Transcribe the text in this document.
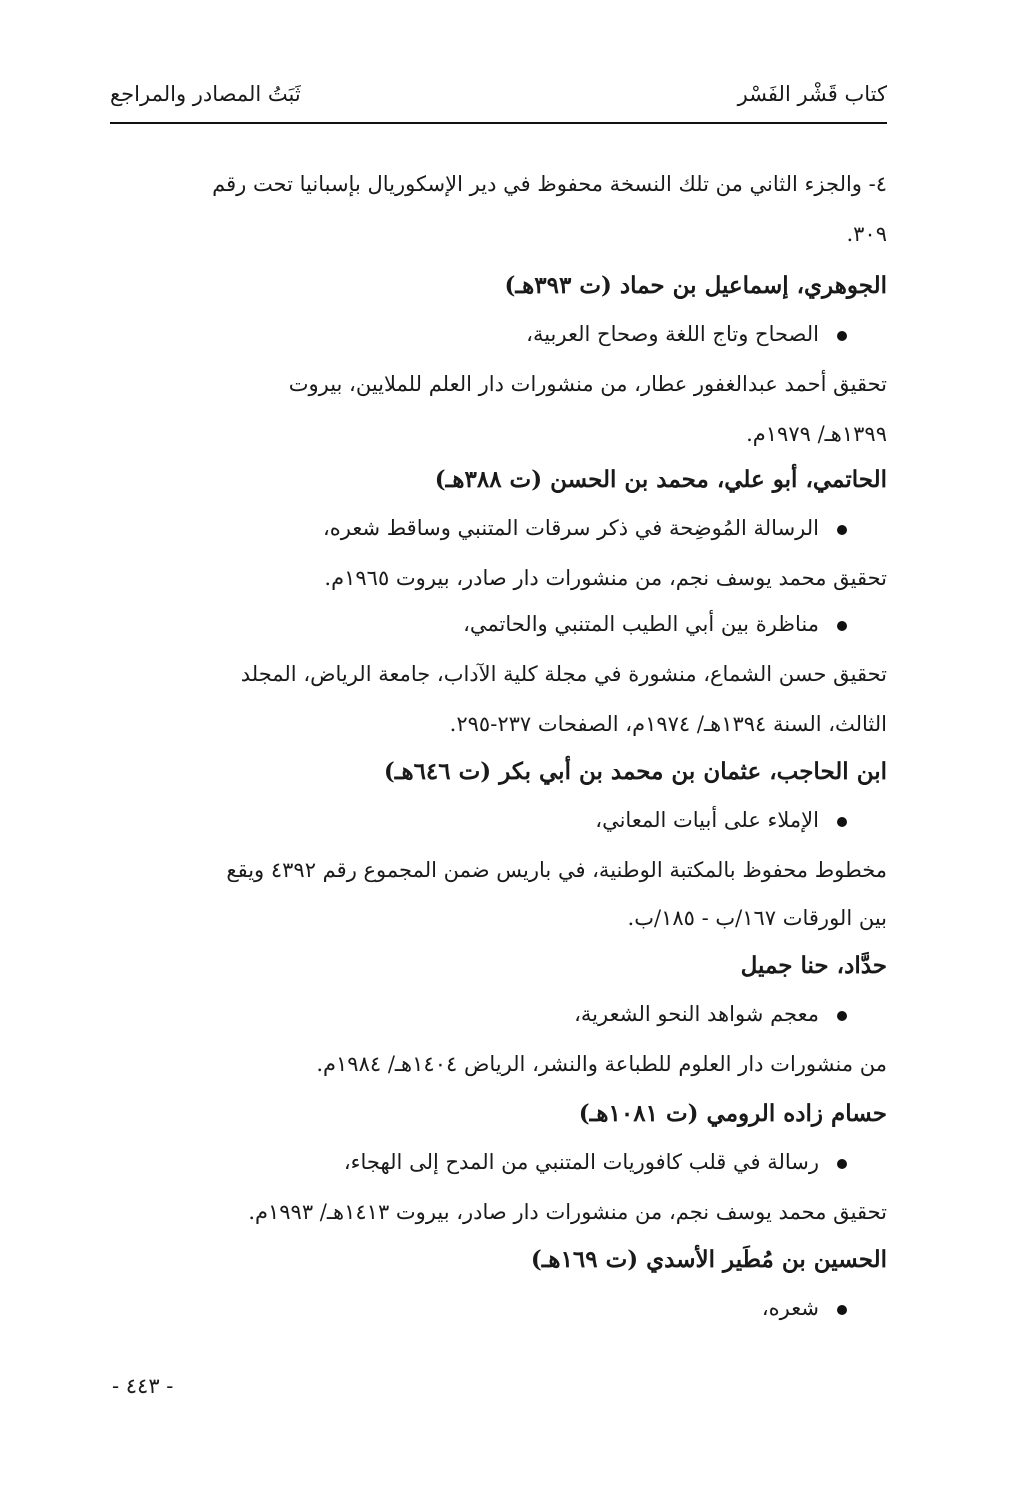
كتاب قَشْر الفَسْر
ثَبَتُ المصادر والمراجع
٤- والجزء الثاني من تلك النسخة محفوظ في دير الإسكوريال بإسبانيا تحت رقم
٣٠٩.
الجوهري، إسماعيل بن حماد (ت ٣٩٣هـ)
الصحاح وتاج اللغة وصحاح العربية،
تحقيق أحمد عبدالغفور عطار، من منشورات دار العلم للملايين، بيروت
١٣٩٩هـ/ ١٩٧٩م.
الحاتمي، أبو علي، محمد بن الحسن (ت ٣٨٨هـ)
الرسالة المُوضِحة في ذكر سرقات المتنبي وساقط شعره،
تحقيق محمد يوسف نجم، من منشورات دار صادر، بيروت ١٩٦٥م.
مناظرة بين أبي الطيب المتنبي والحاتمي،
تحقيق حسن الشماع، منشورة في مجلة كلية الآداب، جامعة الرياض، المجلد
الثالث، السنة ١٣٩٤هـ/ ١٩٧٤م، الصفحات ٢٣٧-٢٩٥.
ابن الحاجب، عثمان بن محمد بن أبي بكر (ت ٦٤٦هـ)
الإملاء على أبيات المعاني،
مخطوط محفوظ بالمكتبة الوطنية، في باريس ضمن المجموع رقم ٤٣٩٢ ويقع
بين الورقات ١٦٧/ب - ١٨٥/ب.
حدَّاد، حنا جميل
معجم شواهد النحو الشعرية،
من منشورات دار العلوم للطباعة والنشر، الرياض ١٤٠٤هـ/ ١٩٨٤م.
حسام زاده الرومي (ت ١٠٨١هـ)
رسالة في قلب كافوريات المتنبي من المدح إلى الهجاء،
تحقيق محمد يوسف نجم، من منشورات دار صادر، بيروت ١٤١٣هـ/ ١٩٩٣م.
الحسين بن مُطَير الأسدي (ت ١٦٩هـ)
شعره،
- ٤٤٣ -
